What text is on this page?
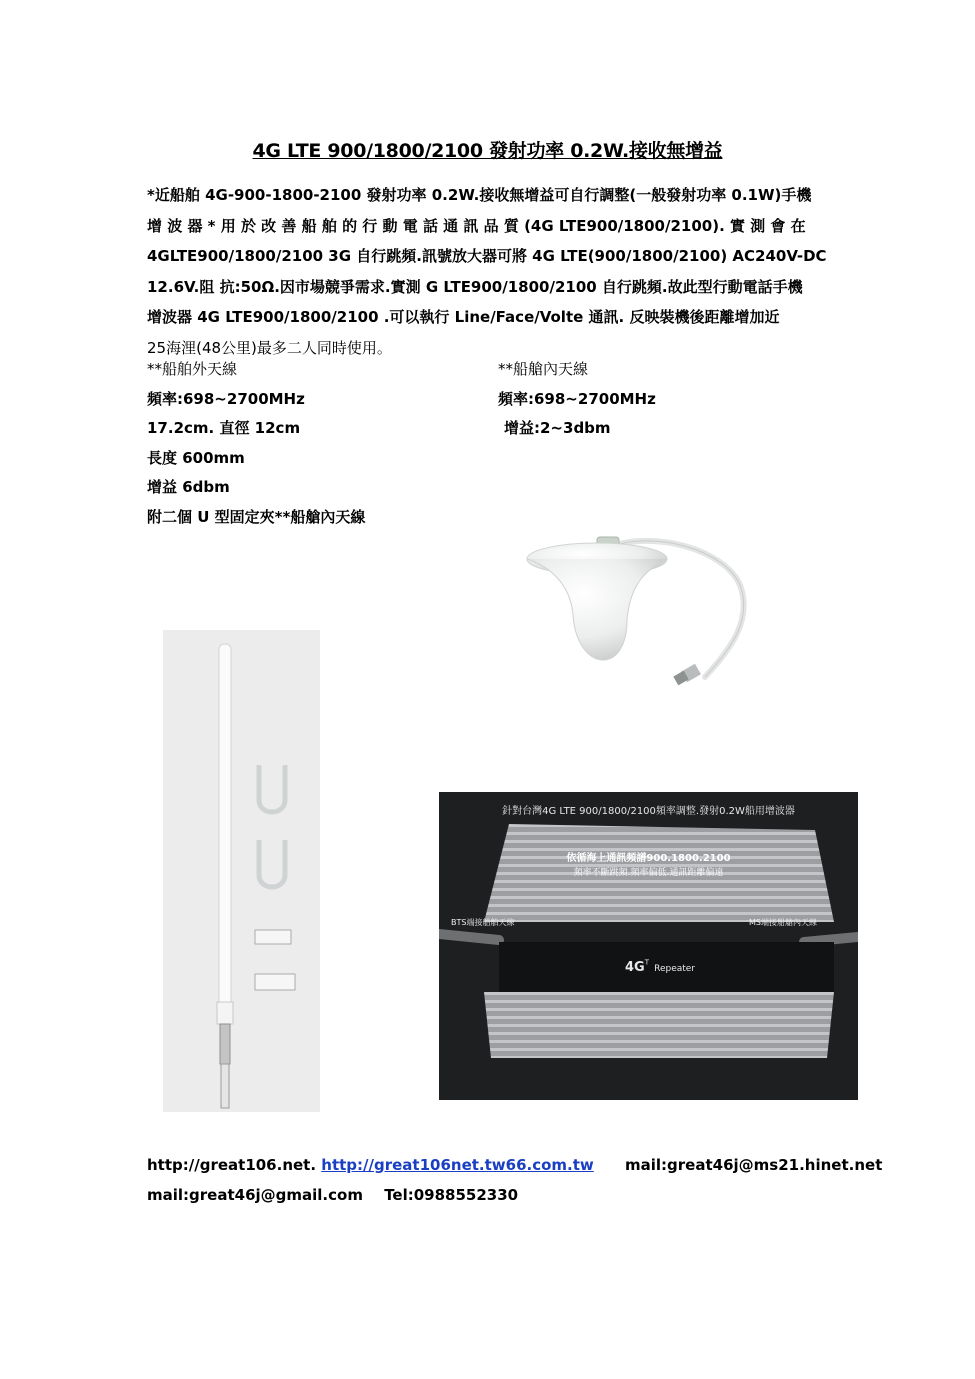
4G LTE 900/1800/2100 發射功率 0.2W.接收無增益
*近船舶 4G-900-1800-2100 發射功率 0.2W.接收無增益可自行調整(一般發射功率 0.1W)手機
增 波 器 * 用 於 改 善 船 舶 的 行 動 電 話 通 訊 品 質 (4G LTE900/1800/2100). 實 測 會 在
4GLTE900/1800/2100 3G 自行跳頻.訊號放大器可將 4G LTE(900/1800/2100) AC240V-DC
12.6V.阻 抗:50Ω.因市場競爭需求.實測 G LTE900/1800/2100 自行跳頻.故此型行動電話手機
增波器 4G LTE900/1800/2100 .可以執行 Line/Face/Volte 通訊. 反映裝機後距離增加近
25海浬(48公里)最多二人同時使用。
**船舶外天線
頻率:698~2700MHz
17.2cm. 直徑 12cm
長度 600mm
增益 6dbm
附二個 U 型固定夾**船艙內天線
**船艙內天線
頻率:698~2700MHz
增益:2~3dbm
針對台灣4G LTE 900/1800/2100頻率調整.發射0.2W船用增波器
依循海上通訊頻譜900.1800.2100
頻率不斷跳頻.頻率偏低.通訊距離偏遠
BTS端接船舶天線	MS端接船艙內天線
$4G^T$ Repeater
http://great106.net. http://great106net.tw66.com.tw mail:great46j@ms21.hinet.net
mail:great46j@gmail.com Tel:0988552330
